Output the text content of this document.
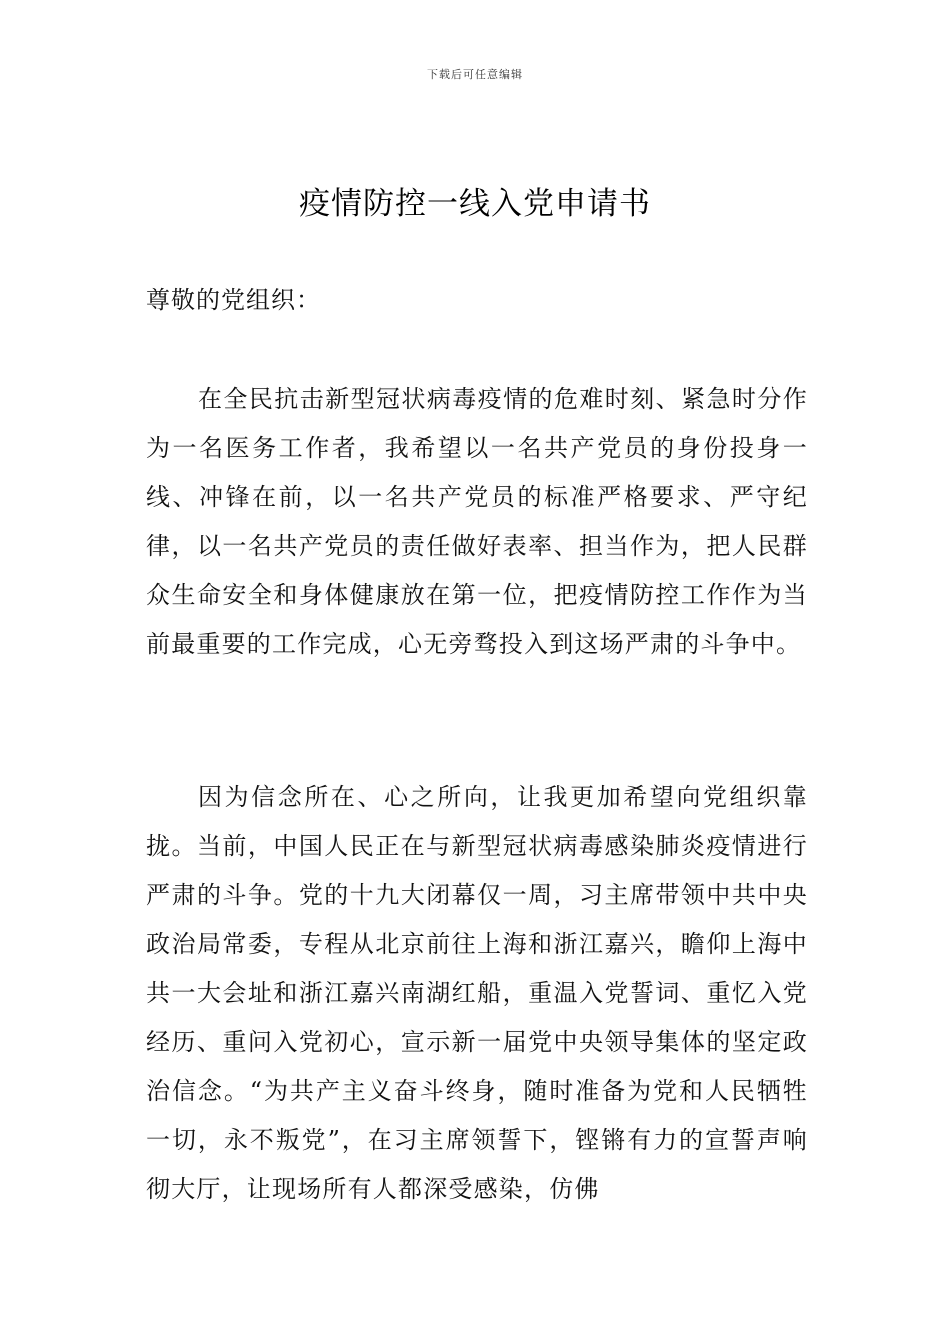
下载后可任意编辑
疫情防控一线入党申请书
尊敬的党组织：

在全民抗击新型冠状病毒疫情的危难时刻、紧急时分作为一名医务工作者，我希望以一名共产党员的身份投身一线、冲锋在前，以一名共产党员的标准严格要求、严守纪律，以一名共产党员的责任做好表率、担当作为，把人民群众生命安全和身体健康放在第一位，把疫情防控工作作为当前最重要的工作完成，心无旁骛投入到这场严肃的斗争中。

因为信念所在、心之所向，让我更加希望向党组织靠拢。当前，中国人民正在与新型冠状病毒感染肺炎疫情进行严肃的斗争。党的十九大闭幕仅一周，习主席带领中共中央政治局常委，专程从北京前往上海和浙江嘉兴，瞻仰上海中共一大会址和浙江嘉兴南湖红船，重温入党誓词、重忆入党经历、重问入党初心，宣示新一届党中央领导集体的坚定政治信念。“为共产主义奋斗终身，随时准备为党和人民牺牲一切，永不叛党”，在习主席领誓下，铿锵有力的宣誓声响彻大厅，让现场所有人都深受感染，仿佛
